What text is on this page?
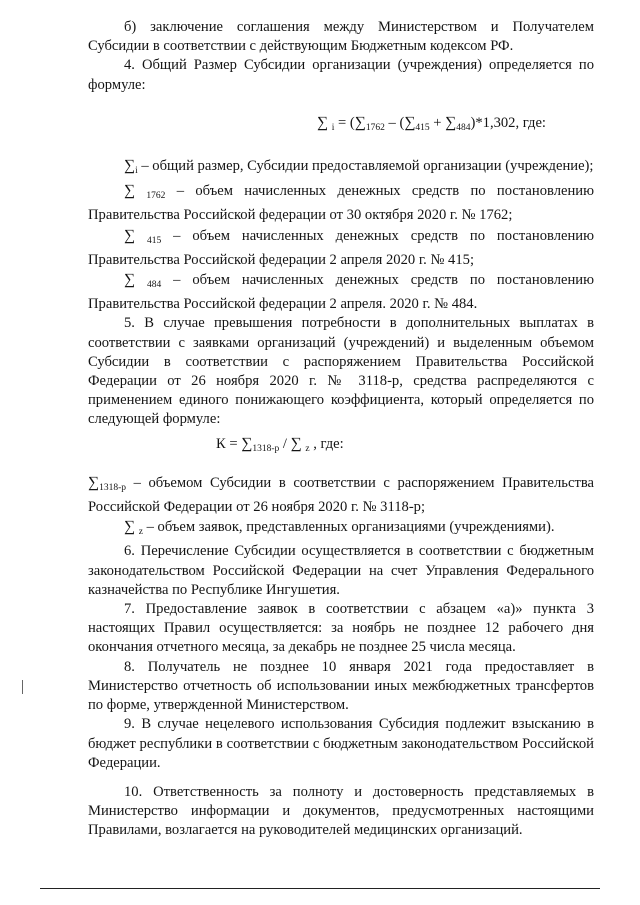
б) заключение соглашения между Министерством и Получателем Субсидии в соответствии с действующим Бюджетным кодексом РФ.

4. Общий Размер Субсидии организации (учреждения) определяется по формуле:

∑ $_i = (\sum_{1762} - (\sum_{415} + \sum_{484})*1,302$, где:

$\sum_i$ – общий размер, Субсидии предоставляемой организации (учреждение);

∑ $_{1762}$ – объем начисленных денежных средств по постановлению Правительства Российской федерации от 30 октября 2020 г. № 1762;

∑ $_{415}$ – объем начисленных денежных средств по постановлению Правительства Российской федерации 2 апреля 2020 г. № 415;

∑ $_{484}$ – объем начисленных денежных средств по постановлению Правительства Российской федерации 2 апреля. 2020 г. № 484.

5. В случае превышения потребности в дополнительных выплатах в соответствии с заявками организаций (учреждений) и выделенным объемом Субсидии в соответствии с распоряжением Правительства Российской Федерации от 26 ноября 2020 г. № 3118-р, средства распределяются с применением единого понижающего коэффициента, который определяется по следующей формуле:

$К = \sum_{1318-р}$ / ∑ $_z$ , где:

$\sum_{1318-р}$ – объемом Субсидии в соответствии с распоряжением Правительства Российской Федерации от 26 ноября 2020 г. № 3118-р;

∑ $_z$ – объем заявок, представленных организациями (учреждениями).

6. Перечисление Субсидии осуществляется в соответствии с бюджетным законодательством Российской Федерации на счет Управления Федерального казначейства по Республике Ингушетия.

7. Предоставление заявок в соответствии с абзацем «а)» пункта 3 настоящих Правил осуществляется: за ноябрь не позднее 12 рабочего дня окончания отчетного месяца, за декабрь не позднее 25 числа месяца.

8. Получатель не позднее 10 января 2021 года предоставляет в Министерство отчетность об использовании иных межбюджетных трансфертов по форме, утвержденной Министерством.

9. В случае нецелевого использования Субсидия подлежит взысканию в бюджет республики в соответствии с бюджетным законодательством Российской Федерации.

10. Ответственность за полноту и достоверность представляемых в Министерство информации и документов, предусмотренных настоящими Правилами, возлагается на руководителей медицинских организаций.
